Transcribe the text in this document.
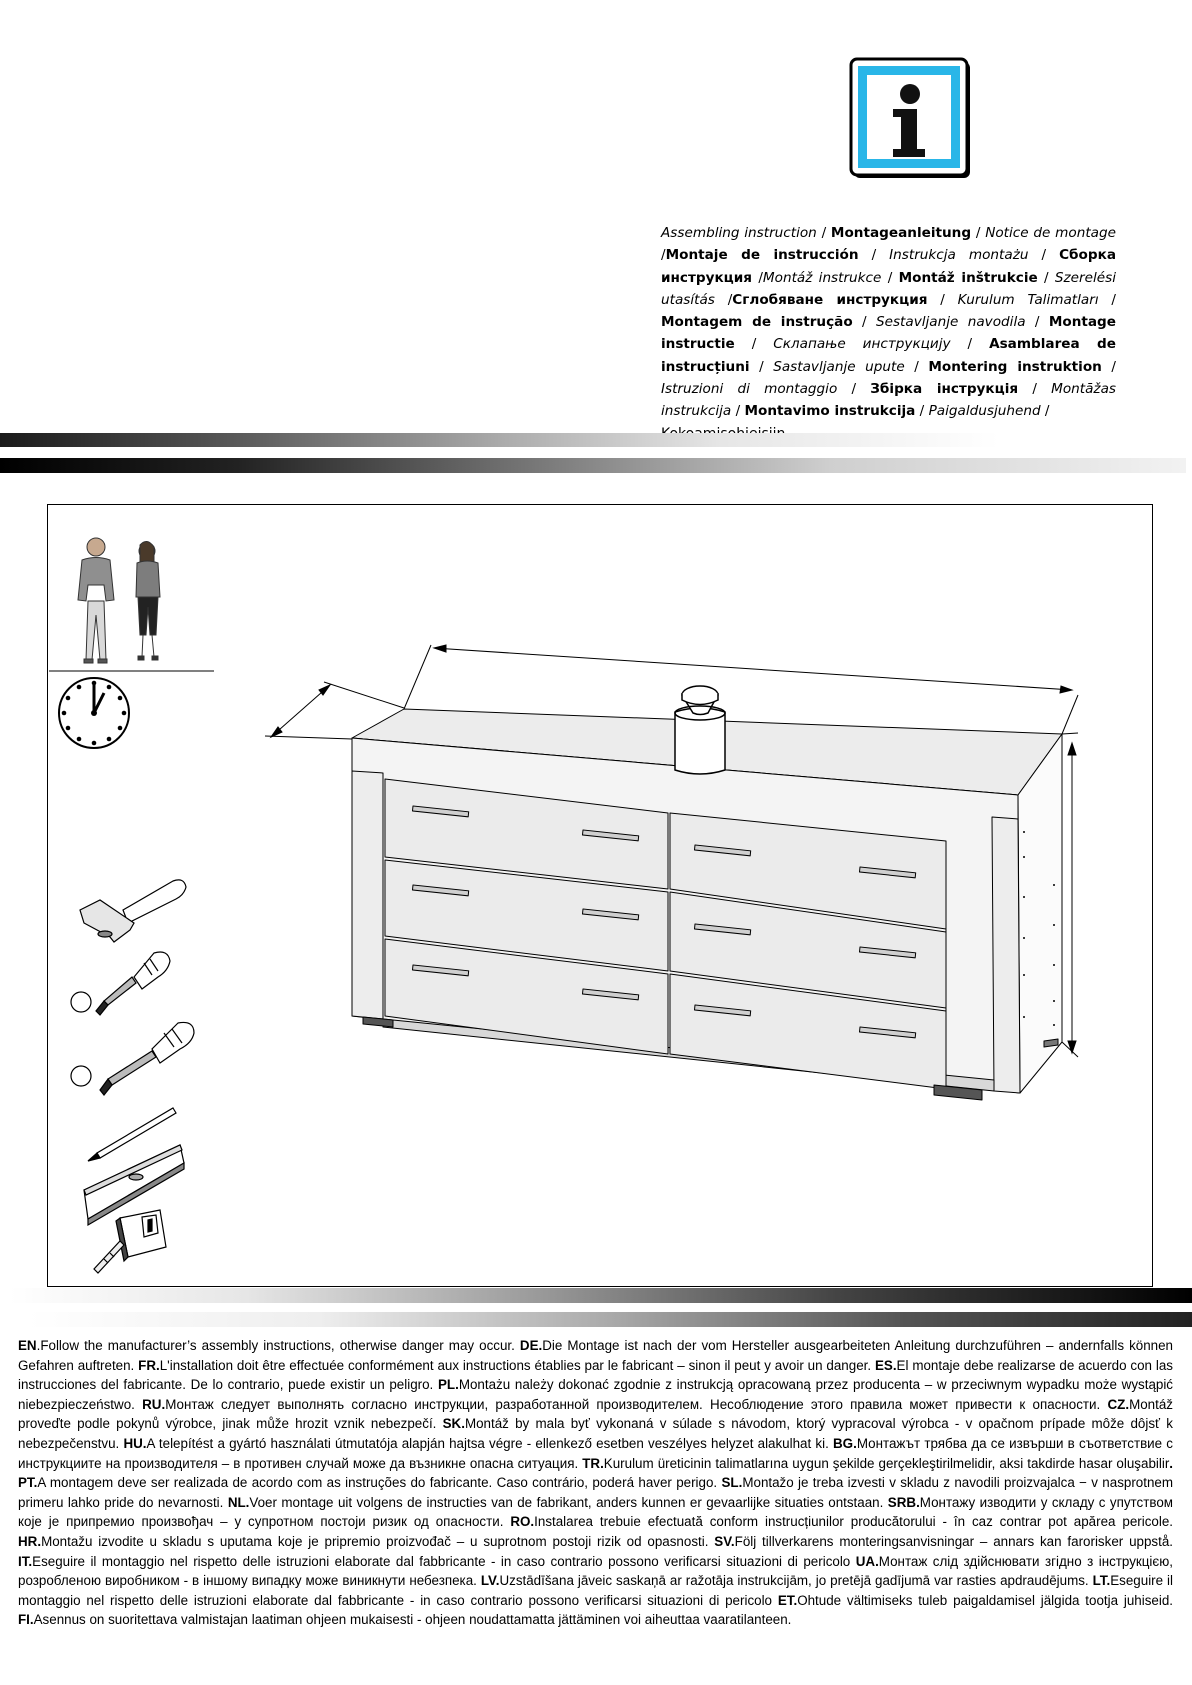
Assembling instruction / Montageanleitung / Notice de montage /Montaje de instrucción / Instrukcja montażu / Сборка инструкция /Montáž instrukce / Montáž inštrukcie / Szerelési utasítás /Сглобяване инструкция / Kurulum Talimatları / Montagem de instrução / Sestavljanje navodila / Montage instructie / Склапање инструкцију / Asamblarea de instrucțiuni / Sastavljanje upute / Montering instruktion / Istruzioni di montaggio / Збірка інструкція / Montāžas instrukcija / Montavimo instrukcija / Paigaldusjuhend /
EN.Follow the manufacturer’s assembly instructions, otherwise danger may occur. DE.Die Montage ist nach der vom Hersteller ausgearbeiteten Anleitung durchzuführen – andernfalls können Gefahren auftreten. FR.L'installation doit être effectuée conformément aux instructions établies par le fabricant – sinon il peut y avoir un danger. ES.El montaje debe realizarse de acuerdo con las instrucciones del fabricante. De lo contrario, puede existir un peligro. PL.Montażu należy dokonać zgodnie z instrukcją opracowaną przez producenta – w przeciwnym wypadku może wystąpić niebezpieczeństwo. RU.Монтаж следует выполнять согласно инструкции, разработанной производителем. Несоблюдение этого правила может привести к опасности. CZ.Montáž proveďte podle pokynů výrobce, jinak může hrozit vznik nebezpečí. SK.Montáž by mala byť vykonaná v súlade s návodom, ktorý vypracoval výrobca - v opačnom prípade môže dôjsť k nebezpečenstvu. HU.A telepítést a gyártó használati útmutatója alapján hajtsa végre - ellenkező esetben veszélyes helyzet alakulhat ki. BG.Монтажът трябва да се извърши в съответствие с инструкциите на производителя – в противен случай може да възникне опасна ситуация. TR.Kurulum üreticinin talimatlarına uygun şekilde gerçekleştirilmelidir, aksi takdirde hasar oluşabilir. PT.A montagem deve ser realizada de acordo com as instruções do fabricante. Caso contrário, poderá haver perigo. SL.Montažo je treba izvesti v skladu z navodili proizvajalca − v nasprotnem primeru lahko pride do nevarnosti. NL.Voer montage uit volgens de instructies van de fabrikant, anders kunnen er gevaarlijke situaties ontstaan. SRB.Монтажу изводити у складу с упутством које је припремио произвођач – у супротном постоји ризик од опасности. RO.Instalarea trebuie efectuată conform instrucțiunilor producătorului - în caz contrar pot apărea pericole. HR.Montažu izvodite u skladu s uputama koje je pripremio proizvođač – u suprotnom postoji rizik od opasnosti. SV.Följ tillverkarens monteringsanvisningar – annars kan farorisker uppstå. IT.Eseguire il montaggio nel rispetto delle istruzioni elaborate dal fabbricante - in caso contrario possono verificarsi situazioni di pericolo UA.Монтаж слід здійснювати згідно з інструкцією, розробленою виробником - в іншому випадку може виникнути небезпека. LV.Uzstādīšana jāveic saskaņā ar ražotāja instrukcijām, jo pretējā gadījumā var rasties apdraudējums. LT.Eseguire il montaggio nel rispetto delle istruzioni elaborate dal fabbricante - in caso contrario possono verificarsi situazioni di pericolo ET.Ohtude vältimiseks tuleb paigaldamisel jälgida tootja juhiseid. FI.Asennus on suoritettava valmistajan laatiman ohjeen mukaisesti - ohjeen noudattamatta jättäminen voi aiheuttaa vaaratilanteen.
